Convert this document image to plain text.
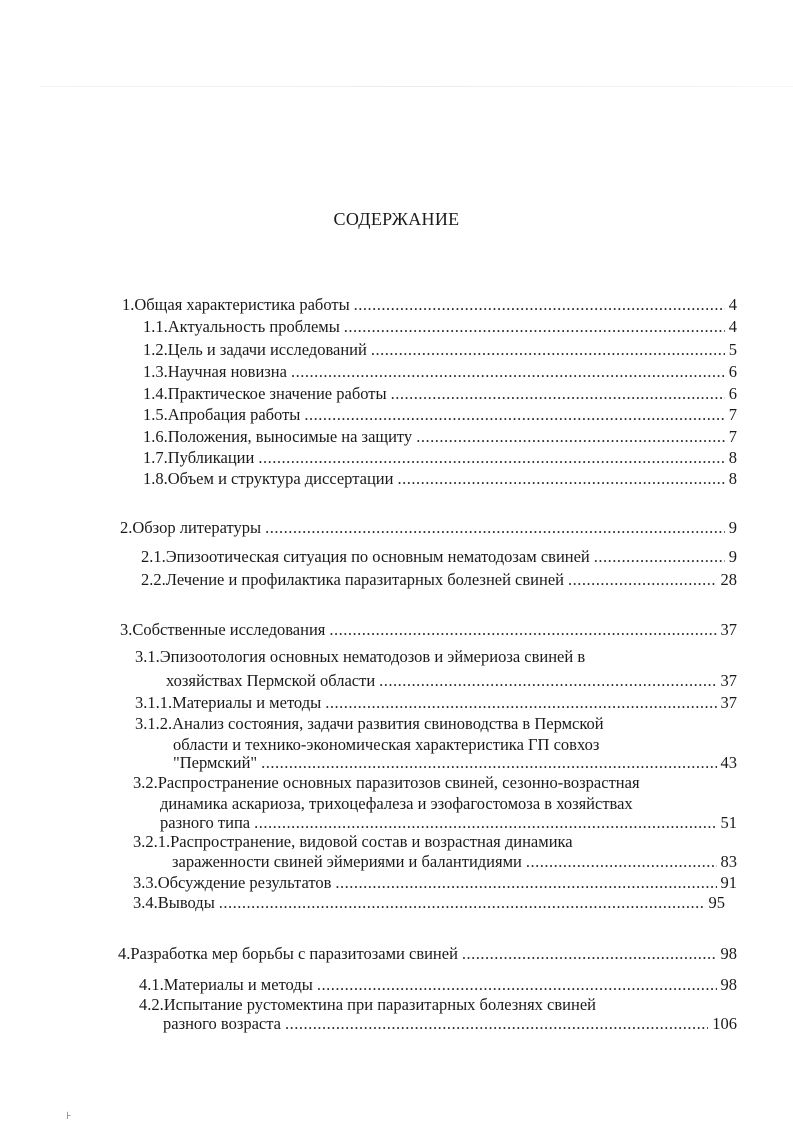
СОДЕРЖАНИЕ
1.Общая характеристика работы .....	4
1.1.Актуальность проблемы .....	4
1.2.Цель и задачи исследований .....	5
1.3.Научная новизна .....	6
1.4.Практическое значение работы .....	6
1.5.Апробация работы .....	7
1.6.Положения, выносимые на защиту .....	7
1.7.Публикации .....	8
1.8.Объем и структура диссертации .....	8
2.Обзор литературы .....	9
2.1.Эпизоотическая ситуация по основным нематодозам свиней .....	9
2.2.Лечение и профилактика паразитарных болезней свиней .....	28
3.Собственные исследования .....	37
3.1.Эпизоотология основных нематодозов и эймериоза свиней в
хозяйствах Пермской области .....	37
3.1.1.Материалы и методы .....	37
3.1.2.Анализ состояния, задачи развития свиноводства в Пермской
области и технико-экономическая характеристика ГП совхоз
"Пермский" .....	43
3.2.Распространение основных паразитозов свиней, сезонно-возрастная
динамика аскариоза, трихоцефалеза и эзофагостомоза в хозяйствах
разного типа .....	51
3.2.1.Распространение, видовой состав и возрастная динамика
зараженности свиней эймериями и балантидиями .....	83
3.3.Обсуждение результатов .....	91
3.4.Выводы .....	95
4.Разработка мер борьбы с паразитозами свиней .....	98
4.1.Материалы и методы .....	98
4.2.Испытание рустомектина при паразитарных болезнях свиней
разного возраста .....	106
⊦
